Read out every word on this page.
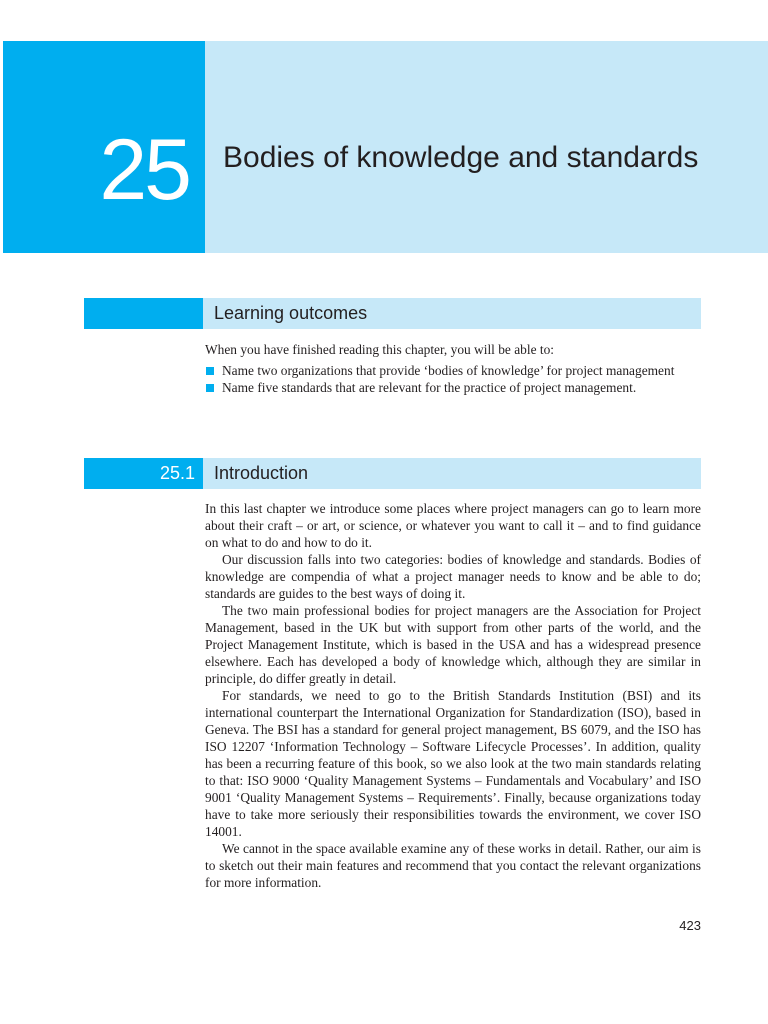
25 Bodies of knowledge and standards
Learning outcomes

When you have finished reading this chapter, you will be able to:

Name two organizations that provide ‘bodies of knowledge’ for project management
Name five standards that are relevant for the practice of project management.
25.1 Introduction

In this last chapter we introduce some places where project managers can go to learn more about their craft – or art, or science, or whatever you want to call it – and to find guidance on what to do and how to do it.

Our discussion falls into two categories: bodies of knowledge and standards. Bodies of knowledge are compendia of what a project manager needs to know and be able to do; standards are guides to the best ways of doing it.

The two main professional bodies for project managers are the Association for Project Management, based in the UK but with support from other parts of the world, and the Project Management Institute, which is based in the USA and has a widespread presence elsewhere. Each has developed a body of knowledge which, although they are similar in principle, do differ greatly in detail.

For standards, we need to go to the British Standards Institution (BSI) and its international counterpart the International Organization for Standardization (ISO), based in Geneva. The BSI has a standard for general project management, BS 6079, and the ISO has ISO 12207 ‘Information Technology – Software Lifecycle Processes’. In addition, quality has been a recurring feature of this book, so we also look at the two main standards relating to that: ISO 9000 ‘Quality Management Systems – Fundamentals and Vocabulary’ and ISO 9001 ‘Quality Management Systems – Requirements’. Finally, because organizations today have to take more seriously their responsibilities towards the environment, we cover ISO 14001.

We cannot in the space available examine any of these works in detail. Rather, our aim is to sketch out their main features and recommend that you contact the relevant organizations for more information.

423
